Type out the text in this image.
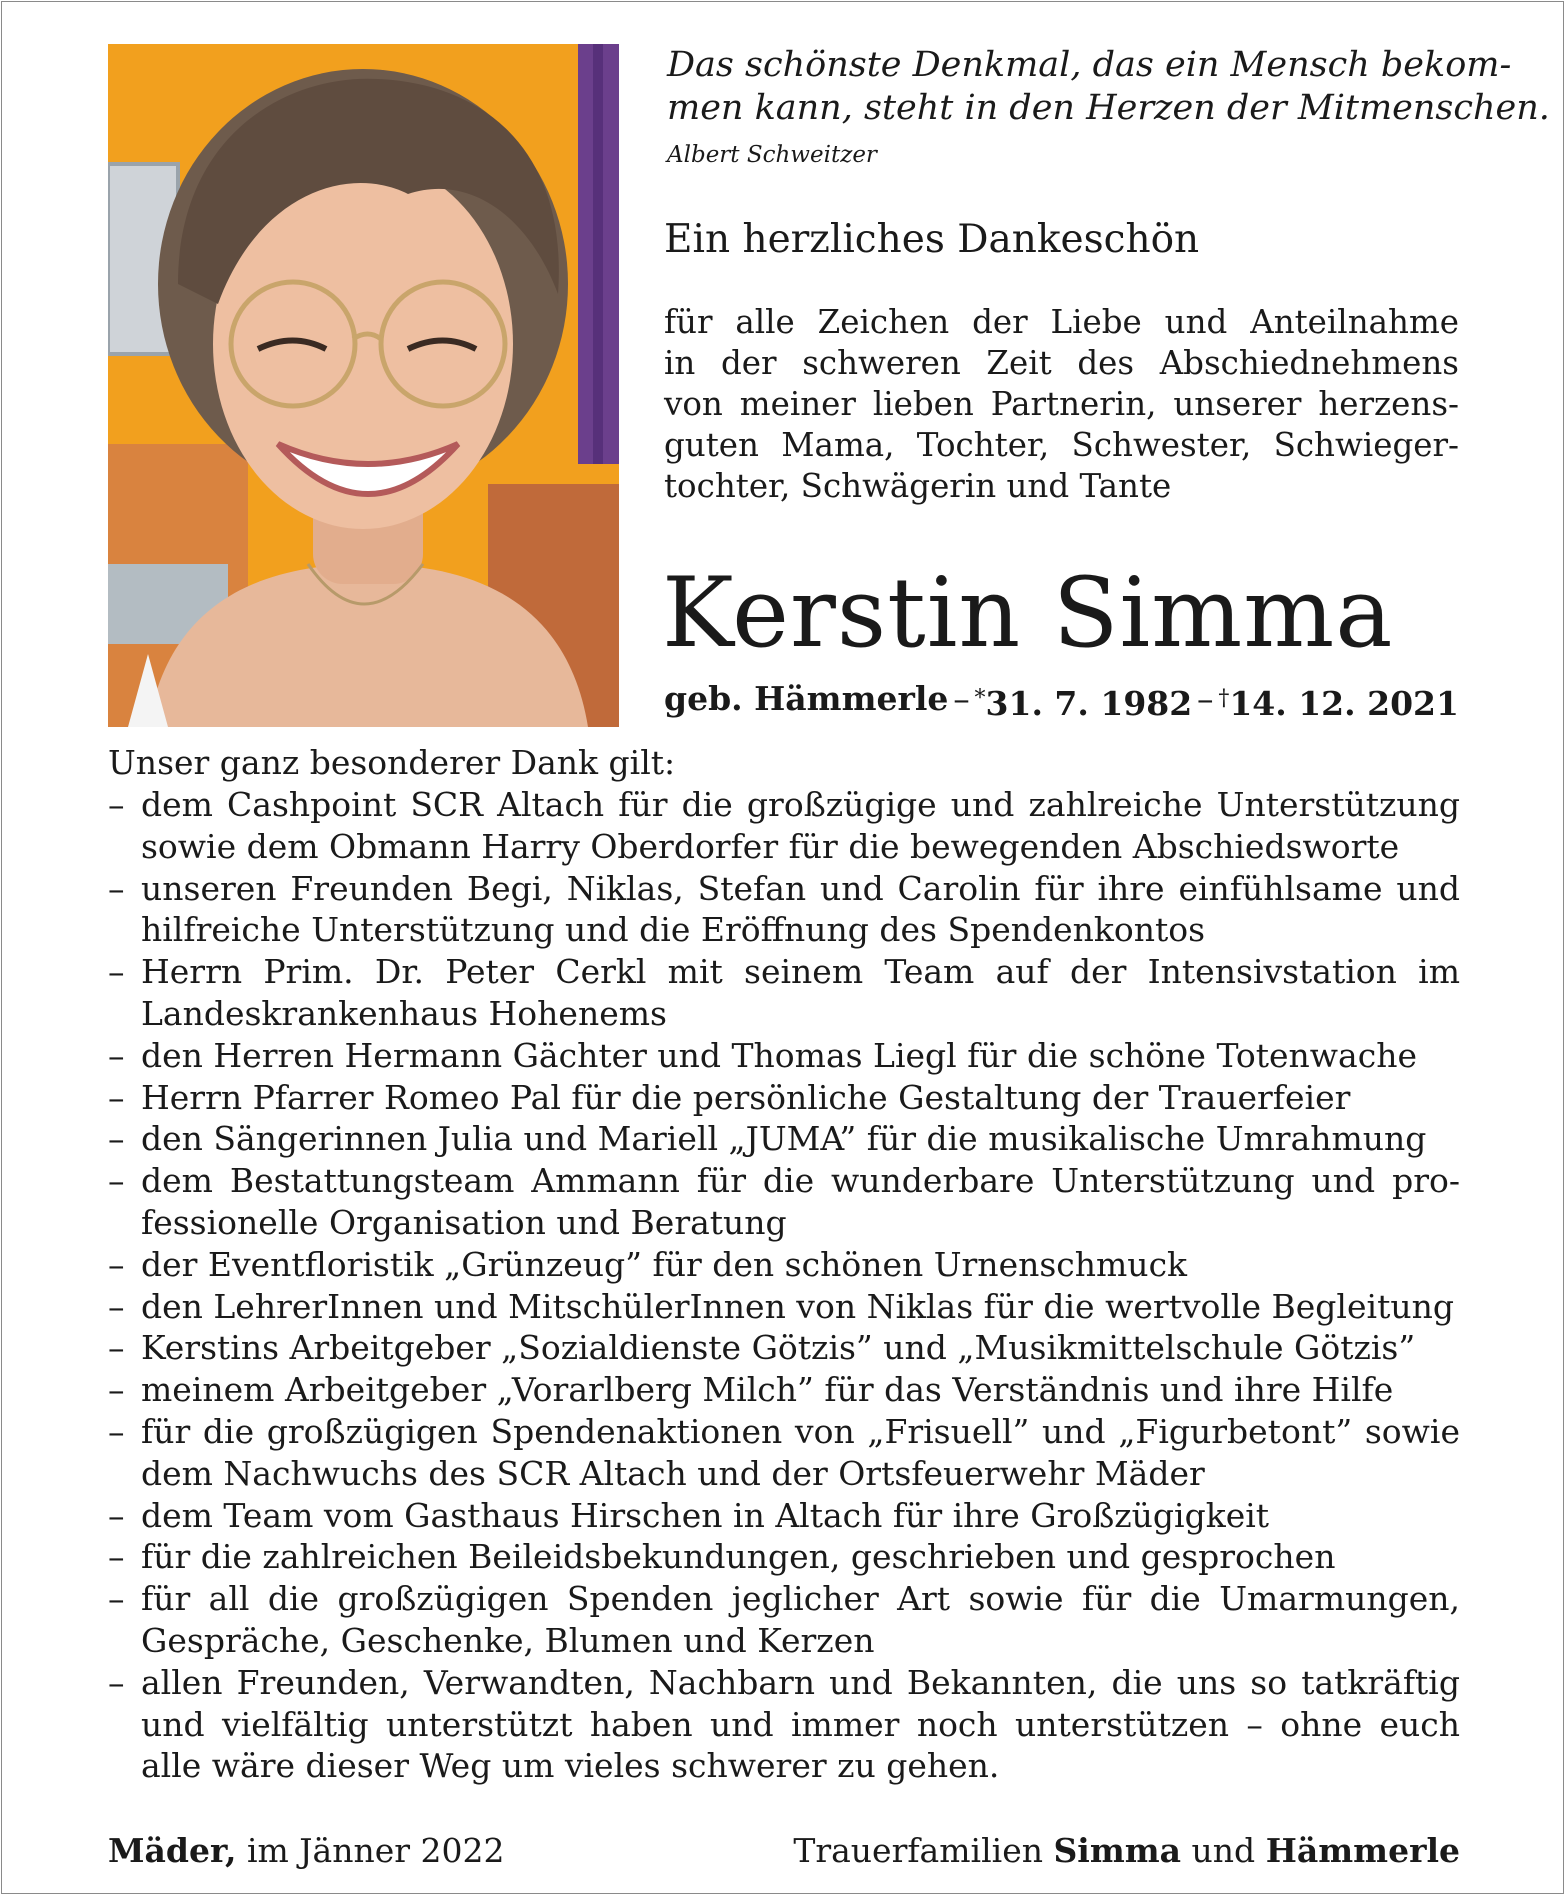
Das schönste Denkmal, das ein Mensch bekom-
men kann, steht in den Herzen der Mitmenschen.
Albert Schweitzer
Ein herzliches Dankeschön
für alle Zeichen der Liebe und Anteilnahme
in der schweren Zeit des Abschiednehmens
von meiner lieben Partnerin, unserer herzens-
guten Mama, Tochter, Schwester, Schwieger-
tochter, Schwägerin und Tante
Kerstin Simma
geb. Hämmerle – *31. 7. 1982 – †14. 12. 2021
Unser ganz besonderer Dank gilt:
– dem Cashpoint SCR Altach für die großzügige und zahlreiche Unterstützung
sowie dem Obmann Harry Oberdorfer für die bewegenden Abschiedsworte
– unseren Freunden Begi, Niklas, Stefan und Carolin für ihre einfühlsame und
hilfreiche Unterstützung und die Eröffnung des Spendenkontos
– Herrn Prim. Dr. Peter Cerkl mit seinem Team auf der Intensivstation im
Landeskrankenhaus Hohenems
– den Herren Hermann Gächter und Thomas Liegl für die schöne Totenwache
– Herrn Pfarrer Romeo Pal für die persönliche Gestaltung der Trauerfeier
– den Sängerinnen Julia und Mariell „JUMA” für die musikalische Umrahmung
– dem Bestattungsteam Ammann für die wunderbare Unterstützung und pro-
fessionelle Organisation und Beratung
– der Eventfloristik „Grünzeug” für den schönen Urnenschmuck
– den LehrerInnen und MitschülerInnen von Niklas für die wertvolle Begleitung
– Kerstins Arbeitgeber „Sozialdienste Götzis” und „Musikmittelschule Götzis”
– meinem Arbeitgeber „Vorarlberg Milch” für das Verständnis und ihre Hilfe
– für die großzügigen Spendenaktionen von „Frisuell” und „Figurbetont” sowie
dem Nachwuchs des SCR Altach und der Ortsfeuerwehr Mäder
– dem Team vom Gasthaus Hirschen in Altach für ihre Großzügigkeit
– für die zahlreichen Beileidsbekundungen, geschrieben und gesprochen
– für all die großzügigen Spenden jeglicher Art sowie für die Umarmungen,
Gespräche, Geschenke, Blumen und Kerzen
– allen Freunden, Verwandten, Nachbarn und Bekannten, die uns so tatkräftig
und vielfältig unterstützt haben und immer noch unterstützen – ohne euch
alle wäre dieser Weg um vieles schwerer zu gehen.
Mäder, im Jänner 2022	Trauerfamilien Simma und Hämmerle
